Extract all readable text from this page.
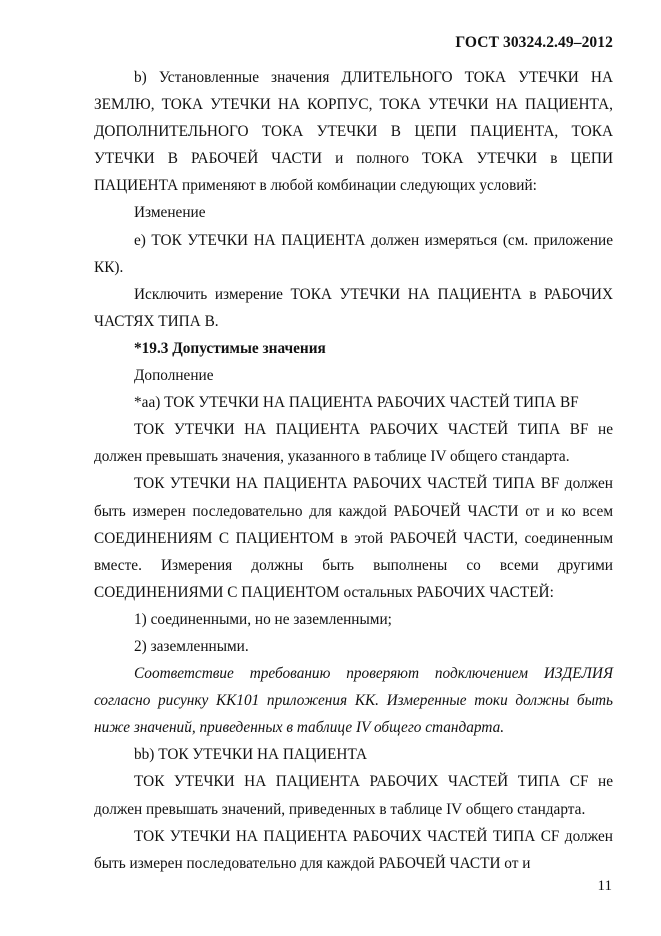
ГОСТ 30324.2.49–2012

b) Установленные значения ДЛИТЕЛЬНОГО ТОКА УТЕЧКИ НА ЗЕМЛЮ, ТОКА УТЕЧКИ НА КОРПУС, ТОКА УТЕЧКИ НА ПАЦИЕНТА, ДОПОЛНИТЕЛЬНОГО ТОКА УТЕЧКИ В ЦЕПИ ПАЦИЕНТА, ТОКА УТЕЧКИ В РАБОЧЕЙ ЧАСТИ и полного ТОКА УТЕЧКИ в ЦЕПИ ПАЦИЕНТА применяют в любой комбинации следующих условий:

Изменение

e) ТОК УТЕЧКИ НА ПАЦИЕНТА должен измеряться (см. приложение КК).

Исключить измерение ТОКА УТЕЧКИ НА ПАЦИЕНТА в РАБОЧИХ ЧАСТЯХ ТИПА B.

*19.3 Допустимые значения

Дополнение

*aa) ТОК УТЕЧКИ НА ПАЦИЕНТА РАБОЧИХ ЧАСТЕЙ ТИПА BF

ТОК УТЕЧКИ НА ПАЦИЕНТА РАБОЧИХ ЧАСТЕЙ ТИПА BF не должен превышать значения, указанного в таблице IV общего стандарта.

ТОК УТЕЧКИ НА ПАЦИЕНТА РАБОЧИХ ЧАСТЕЙ ТИПА BF должен быть измерен последовательно для каждой РАБОЧЕЙ ЧАСТИ от и ко всем СОЕДИНЕНИЯМ С ПАЦИЕНТОМ в этой РАБОЧЕЙ ЧАСТИ, соединенным вместе. Измерения должны быть выполнены со всеми другими СОЕДИНЕНИЯМИ С ПАЦИЕНТОМ остальных РАБОЧИХ ЧАСТЕЙ:

1) соединенными, но не заземленными;

2) заземленными.

Соответствие требованию проверяют подключением ИЗДЕЛИЯ согласно рисунку КК101 приложения КК. Измеренные токи должны быть ниже значений, приведенных в таблице IV общего стандарта.

bb) ТОК УТЕЧКИ НА ПАЦИЕНТА

ТОК УТЕЧКИ НА ПАЦИЕНТА РАБОЧИХ ЧАСТЕЙ ТИПА CF не должен превышать значений, приведенных в таблице IV общего стандарта.

ТОК УТЕЧКИ НА ПАЦИЕНТА РАБОЧИХ ЧАСТЕЙ ТИПА CF должен быть измерен последовательно для каждой РАБОЧЕЙ ЧАСТИ от и

11
